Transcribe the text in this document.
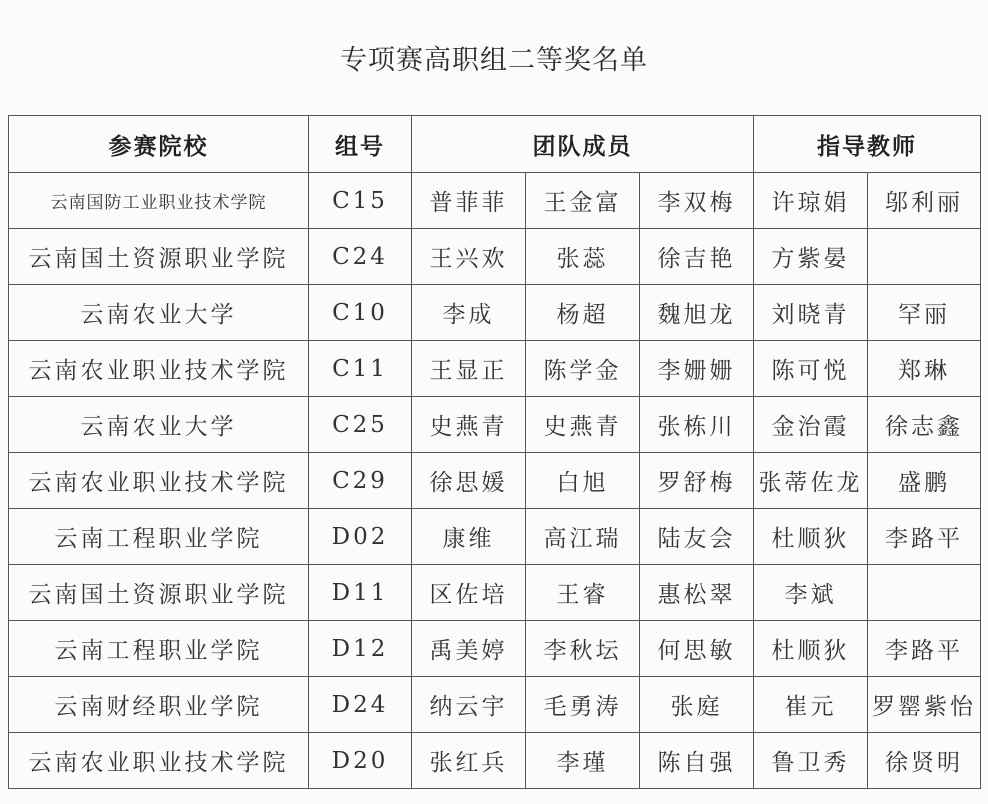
专项赛高职组二等奖名单
参赛院校	组号	团队成员			指导教师	
云南国防工业职业技术学院	C15	普菲菲	王金富	李双梅	许琼娟	邬利丽
云南国土资源职业学院	C24	王兴欢	张蕊	徐吉艳	方紫晏	
云南农业大学	C10	李成	杨超	魏旭龙	刘晓青	罕丽
云南农业职业技术学院	C11	王显正	陈学金	李姗姗	陈可悦	郑琳
云南农业大学	C25	史燕青	史燕青	张栋川	金治霞	徐志鑫
云南农业职业技术学院	C29	徐思媛	白旭	罗舒梅	张蒂佐龙	盛鹏
云南工程职业学院	D02	康维	高江瑞	陆友会	杜顺狄	李路平
云南国土资源职业学院	D11	区佐培	王睿	惠松翠	李斌	
云南工程职业学院	D12	禹美婷	李秋坛	何思敏	杜顺狄	李路平
云南财经职业学院	D24	纳云宇	毛勇涛	张庭	崔元	罗罂紫怡
云南农业职业技术学院	D20	张红兵	李瑾	陈自强	鲁卫秀	徐贤明
